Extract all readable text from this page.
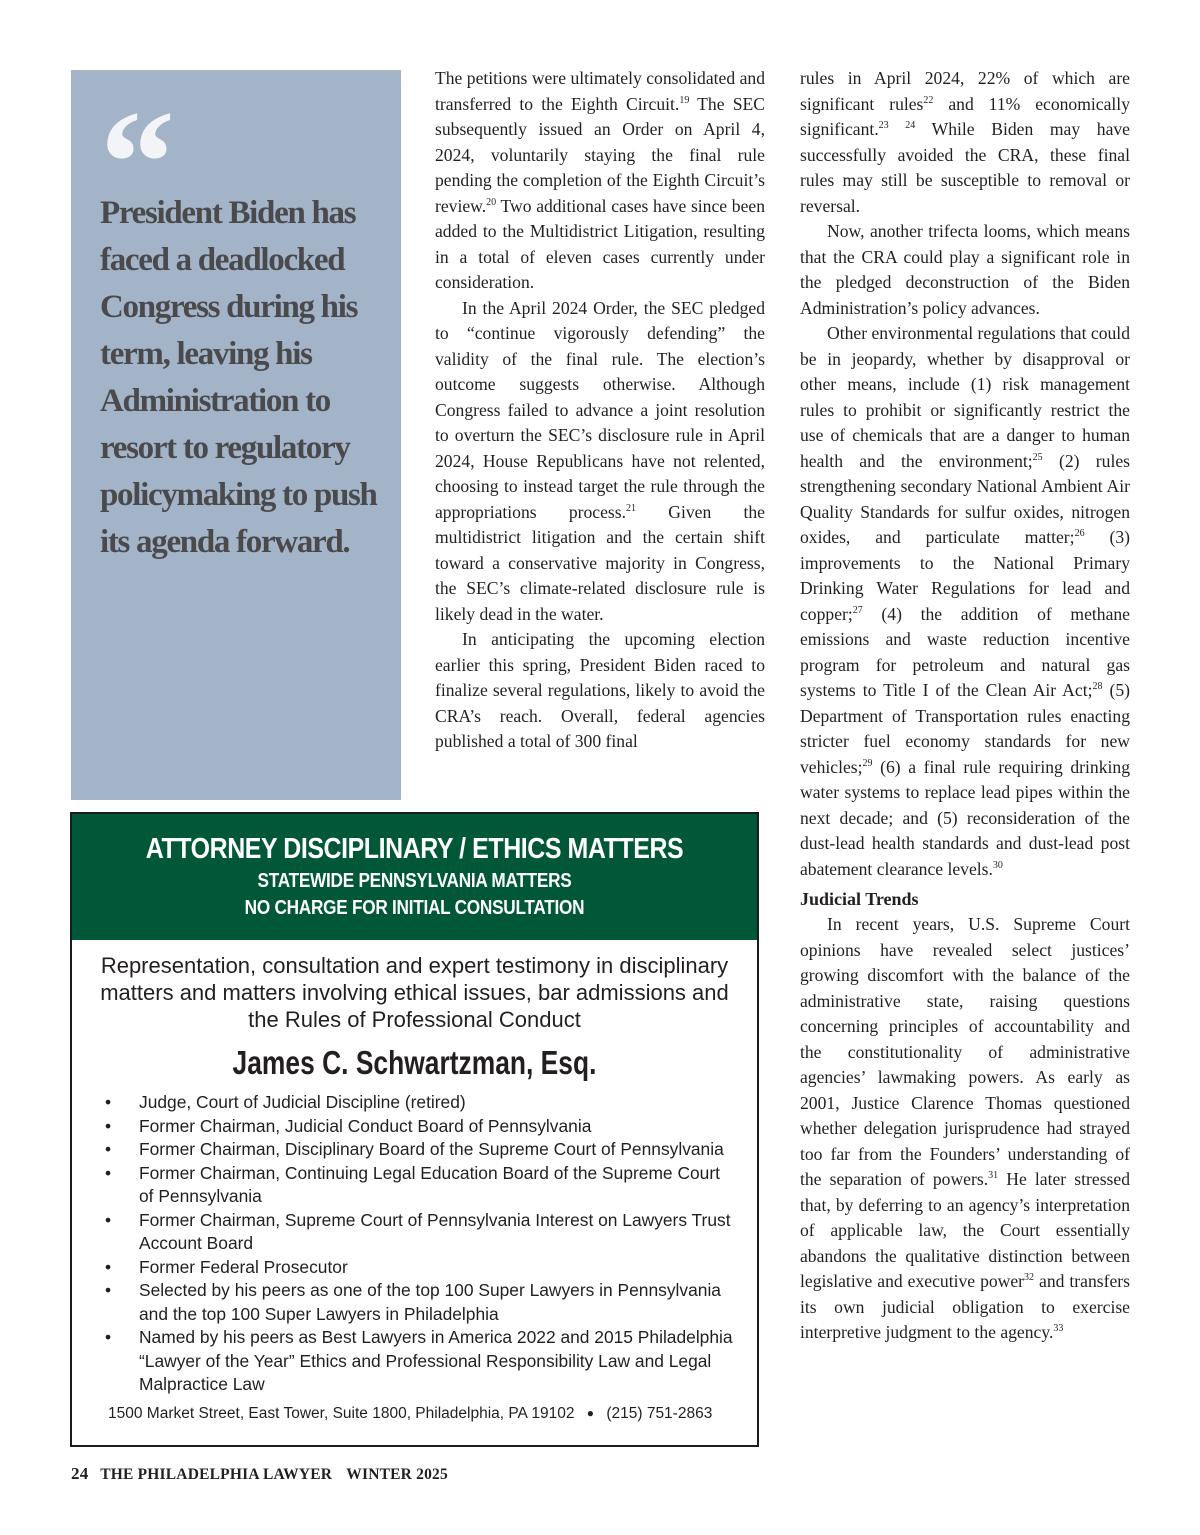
“
President Biden has faced a deadlocked Congress during his term, leaving his Administration to resort to regulatory policymaking to push its agenda forward.

The petitions were ultimately consolidated and transferred to the Eighth Circuit.$^{19}$ The SEC subsequently issued an Order on April 4, 2024, voluntarily staying the final rule pending the completion of the Eighth Circuit’s review.$^{20}$ Two additional cases have since been added to the Multidistrict Litigation, resulting in a total of eleven cases currently under consideration.

In the April 2024 Order, the SEC pledged to “continue vigorously defending” the validity of the final rule. The election’s outcome suggests otherwise. Although Congress failed to advance a joint resolution to overturn the SEC’s disclosure rule in April 2024, House Republicans have not relented, choosing to instead target the rule through the appropriations process.$^{21}$ Given the multidistrict litigation and the certain shift toward a conservative majority in Congress, the SEC’s climate-related disclosure rule is likely dead in the water.

In anticipating the upcoming election earlier this spring, President Biden raced to finalize several regulations, likely to avoid the CRA’s reach. Overall, federal agencies published a total of 300 final

rules in April 2024, 22% of which are significant rules$^{22}$ and 11% economically significant.$^{23}$ $^{24}$ While Biden may have successfully avoided the CRA, these final rules may still be susceptible to removal or reversal.

Now, another trifecta looms, which means that the CRA could play a significant role in the pledged deconstruction of the Biden Administration’s policy advances.

Other environmental regulations that could be in jeopardy, whether by disapproval or other means, include (1) risk management rules to prohibit or significantly restrict the use of chemicals that are a danger to human health and the environment;$^{25}$ (2) rules strengthening secondary National Ambient Air Quality Standards for sulfur oxides, nitrogen oxides, and particulate matter;$^{26}$ (3) improvements to the National Primary Drinking Water Regulations for lead and copper;$^{27}$ (4) the addition of methane emissions and waste reduction incentive program for petroleum and natural gas systems to Title I of the Clean Air Act;$^{28}$ (5) Department of Transportation rules enacting stricter fuel economy standards for new vehicles;$^{29}$ (6) a final rule requiring drinking water systems to replace lead pipes within the next decade; and (5) reconsideration of the dust-lead health standards and dust-lead post abatement clearance levels.$^{30}$

Judicial Trends

In recent years, U.S. Supreme Court opinions have revealed select justices’ growing discomfort with the balance of the administrative state, raising questions concerning principles of accountability and the constitutionality of administrative agencies’ lawmaking powers. As early as 2001, Justice Clarence Thomas questioned whether delegation jurisprudence had strayed too far from the Founders’ understanding of the separation of powers.$^{31}$ He later stressed that, by deferring to an agency’s interpretation of applicable law, the Court essentially abandons the qualitative distinction between legislative and executive power$^{32}$ and transfers its own judicial obligation to exercise interpretive judgment to the agency.$^{33}$

ATTORNEY DISCIPLINARY / ETHICS MATTERS
STATEWIDE PENNSYLVANIA MATTERS
NO CHARGE FOR INITIAL CONSULTATION
Representation, consultation and expert testimony in disciplinary matters and matters involving ethical issues, bar admissions and the Rules of Professional Conduct
James C. Schwartzman, Esq.
• Judge, Court of Judicial Discipline (retired)
• Former Chairman, Judicial Conduct Board of Pennsylvania
• Former Chairman, Disciplinary Board of the Supreme Court of Pennsylvania
• Former Chairman, Continuing Legal Education Board of the Supreme Court of Pennsylvania
• Former Chairman, Supreme Court of Pennsylvania Interest on Lawyers Trust Account Board
• Former Federal Prosecutor
• Selected by his peers as one of the top 100 Super Lawyers in Pennsylvania and the top 100 Super Lawyers in Philadelphia
• Named by his peers as Best Lawyers in America 2022 and 2015 Philadelphia “Lawyer of the Year” Ethics and Professional Responsibility Law and Legal Malpractice Law
1500 Market Street, East Tower, Suite 1800, Philadelphia, PA 19102 ● (215) 751-2863
24 THE PHILADELPHIA LAWYER WINTER 2025
